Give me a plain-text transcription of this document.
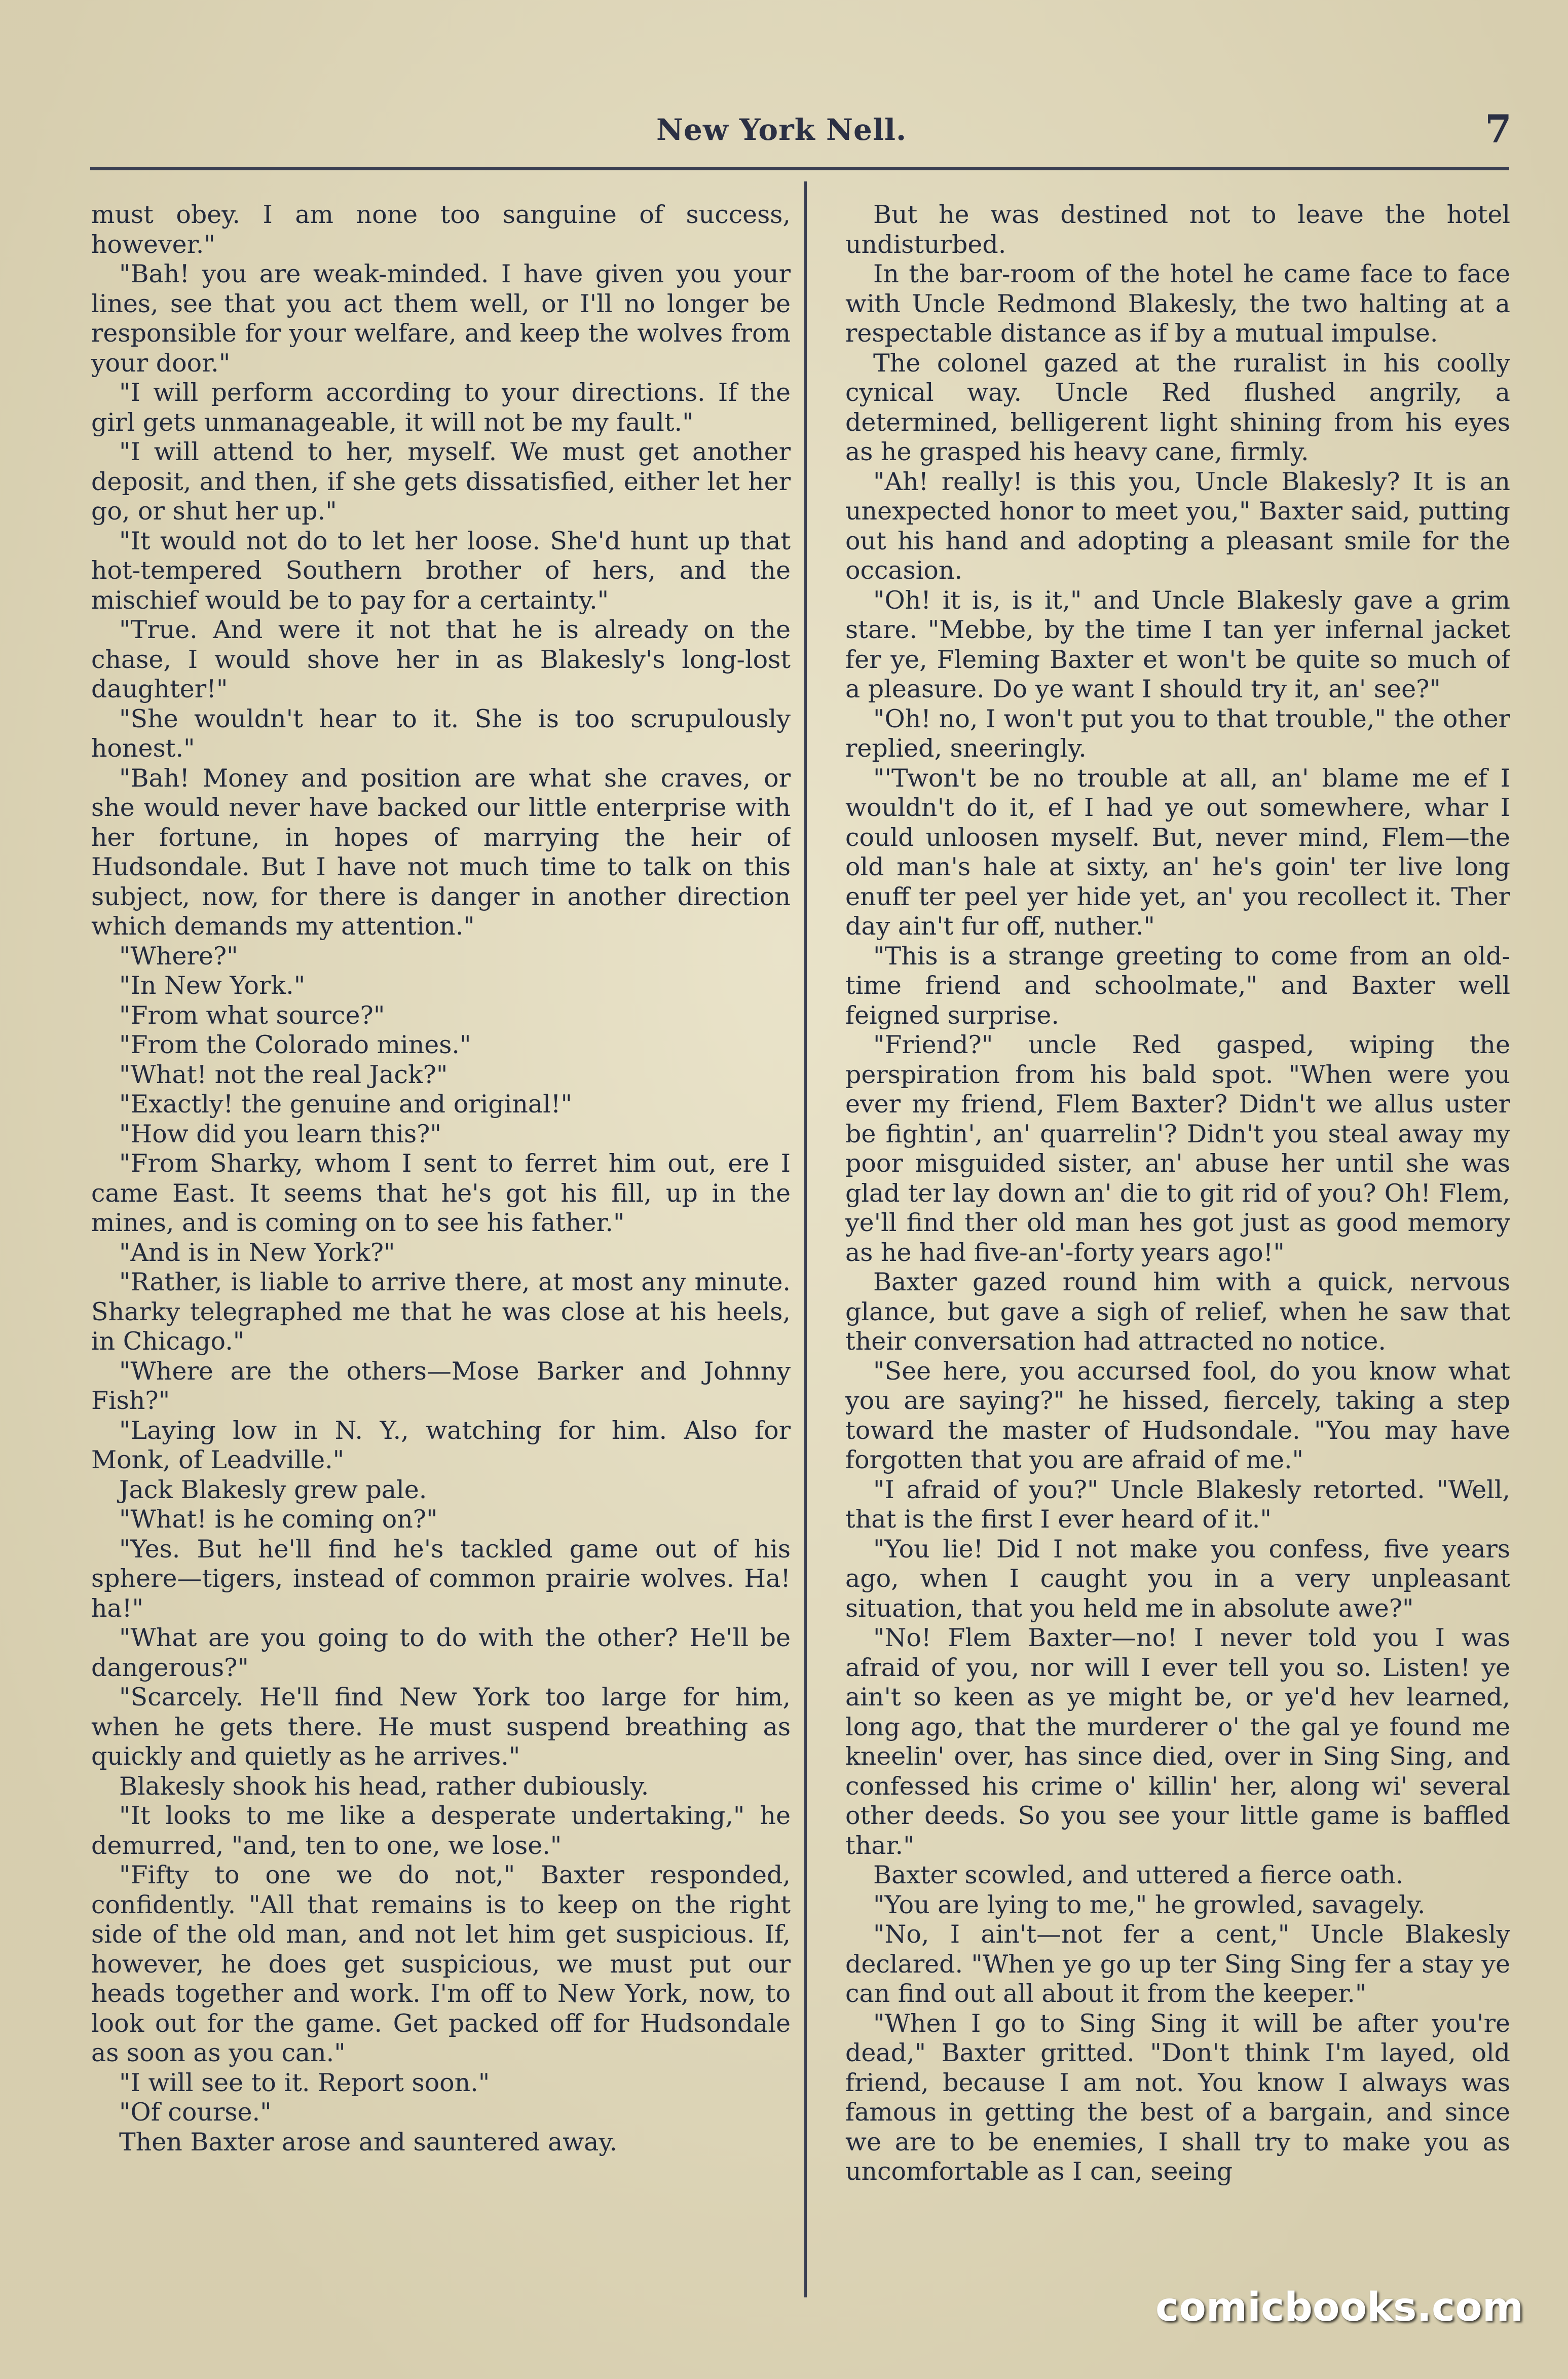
New York Nell.	7

must obey. I am none too sanguine of success, however."

"Bah! you are weak-minded. I have given you your lines, see that you act them well, or I'll no longer be responsible for your welfare, and keep the wolves from your door."

"I will perform according to your directions. If the girl gets unmanageable, it will not be my fault."

"I will attend to her, myself. We must get another deposit, and then, if she gets dissatisfied, either let her go, or shut her up."

"It would not do to let her loose. She'd hunt up that hot-tempered Southern brother of hers, and the mischief would be to pay for a certainty."

"True. And were it not that he is already on the chase, I would shove her in as Blakesly's long-lost daughter!"

"She wouldn't hear to it. She is too scrupulously honest."

"Bah! Money and position are what she craves, or she would never have backed our little enterprise with her fortune, in hopes of marrying the heir of Hudsondale. But I have not much time to talk on this subject, now, for there is danger in another direction which demands my attention."

"Where?"

"In New York."

"From what source?"

"From the Colorado mines."

"What! not the real Jack?"

"Exactly! the genuine and original!"

"How did you learn this?"

"From Sharky, whom I sent to ferret him out, ere I came East. It seems that he's got his fill, up in the mines, and is coming on to see his father."

"And is in New York?"

"Rather, is liable to arrive there, at most any minute. Sharky telegraphed me that he was close at his heels, in Chicago."

"Where are the others—Mose Barker and Johnny Fish?"

"Laying low in N. Y., watching for him. Also for Monk, of Leadville."

Jack Blakesly grew pale.

"What! is he coming on?"

"Yes. But he'll find he's tackled game out of his sphere—tigers, instead of common prairie wolves. Ha! ha!"

"What are you going to do with the other? He'll be dangerous?"

"Scarcely. He'll find New York too large for him, when he gets there. He must suspend breathing as quickly and quietly as he arrives."

Blakesly shook his head, rather dubiously.

"It looks to me like a desperate undertaking," he demurred, "and, ten to one, we lose."

"Fifty to one we do not," Baxter responded, confidently. "All that remains is to keep on the right side of the old man, and not let him get suspicious. If, however, he does get suspicious, we must put our heads together and work. I'm off to New York, now, to look out for the game. Get packed off for Hudsondale as soon as you can."

"I will see to it. Report soon."

"Of course."

Then Baxter arose and sauntered away.

But he was destined not to leave the hotel undisturbed.

In the bar-room of the hotel he came face to face with Uncle Redmond Blakesly, the two halting at a respectable distance as if by a mutual impulse.

The colonel gazed at the ruralist in his coolly cynical way. Uncle Red flushed angrily, a determined, belligerent light shining from his eyes as he grasped his heavy cane, firmly.

"Ah! really! is this you, Uncle Blakesly? It is an unexpected honor to meet you," Baxter said, putting out his hand and adopting a pleasant smile for the occasion.

"Oh! it is, is it," and Uncle Blakesly gave a grim stare. "Mebbe, by the time I tan yer infernal jacket fer ye, Fleming Baxter et won't be quite so much of a pleasure. Do ye want I should try it, an' see?"

"Oh! no, I won't put you to that trouble," the other replied, sneeringly.

"'Twon't be no trouble at all, an' blame me ef I wouldn't do it, ef I had ye out somewhere, whar I could unloosen myself. But, never mind, Flem—the old man's hale at sixty, an' he's goin' ter live long enuff ter peel yer hide yet, an' you recollect it. Ther day ain't fur off, nuther."

"This is a strange greeting to come from an old-time friend and schoolmate," and Baxter well feigned surprise.

"Friend?" uncle Red gasped, wiping the perspiration from his bald spot. "When were you ever my friend, Flem Baxter? Didn't we allus uster be fightin', an' quarrelin'? Didn't you steal away my poor misguided sister, an' abuse her until she was glad ter lay down an' die to git rid of you? Oh! Flem, ye'll find ther old man hes got just as good memory as he had five-an'-forty years ago!"

Baxter gazed round him with a quick, nervous glance, but gave a sigh of relief, when he saw that their conversation had attracted no notice.

"See here, you accursed fool, do you know what you are saying?" he hissed, fiercely, taking a step toward the master of Hudsondale. "You may have forgotten that you are afraid of me."

"I afraid of you?" Uncle Blakesly retorted. "Well, that is the first I ever heard of it."

"You lie! Did I not make you confess, five years ago, when I caught you in a very unpleasant situation, that you held me in absolute awe?"

"No! Flem Baxter—no! I never told you I was afraid of you, nor will I ever tell you so. Listen! ye ain't so keen as ye might be, or ye'd hev learned, long ago, that the murderer o' the gal ye found me kneelin' over, has since died, over in Sing Sing, and confessed his crime o' killin' her, along wi' several other deeds. So you see your little game is baffled thar."

Baxter scowled, and uttered a fierce oath.

"You are lying to me," he growled, savagely.

"No, I ain't—not fer a cent," Uncle Blakesly declared. "When ye go up ter Sing Sing fer a stay ye can find out all about it from the keeper."

"When I go to Sing Sing it will be after you're dead," Baxter gritted. "Don't think I'm layed, old friend, because I am not. You know I always was famous in getting the best of a bargain, and since we are to be enemies, I shall try to make you as uncomfortable as I can, seeing

comicbooks.com
